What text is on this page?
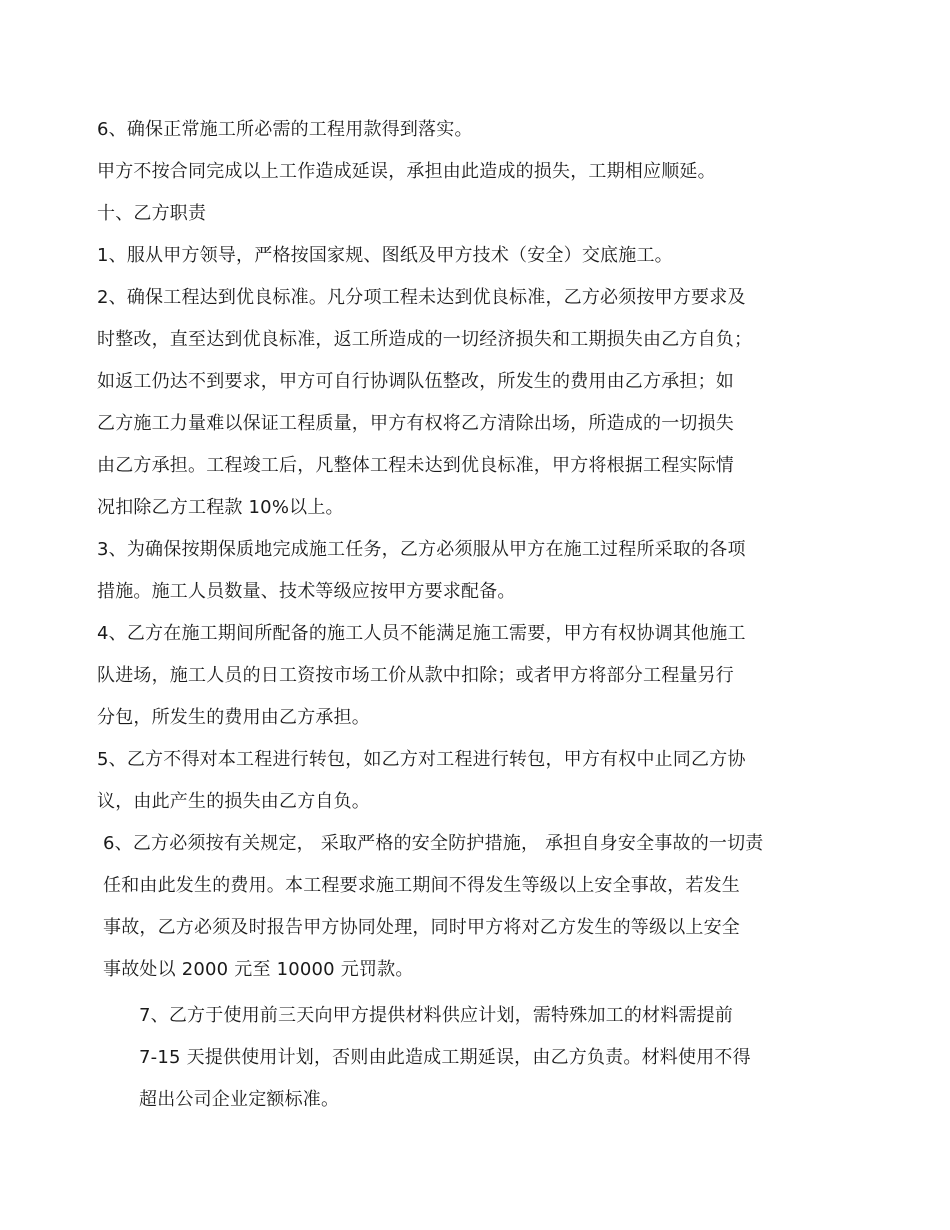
6、确保正常施工所必需的工程用款得到落实。
甲方不按合同完成以上工作造成延误，承担由此造成的损失，工期相应顺延。
十、乙方职责
1、服从甲方领导，严格按国家规、图纸及甲方技术（安全）交底施工。
2、确保工程达到优良标准。凡分项工程未达到优良标准，乙方必须按甲方要求及
时整改，直至达到优良标准，返工所造成的一切经济损失和工期损失由乙方自负；
如返工仍达不到要求，甲方可自行协调队伍整改，所发生的费用由乙方承担；如
乙方施工力量难以保证工程质量，甲方有权将乙方清除出场，所造成的一切损失
由乙方承担。工程竣工后，凡整体工程未达到优良标准，甲方将根据工程实际情
况扣除乙方工程款 10%以上。
3、为确保按期保质地完成施工任务，乙方必须服从甲方在施工过程所采取的各项
措施。施工人员数量、技术等级应按甲方要求配备。
4、乙方在施工期间所配备的施工人员不能满足施工需要，甲方有权协调其他施工
队进场，施工人员的日工资按市场工价从款中扣除；或者甲方将部分工程量另行
分包，所发生的费用由乙方承担。
5、乙方不得对本工程进行转包，如乙方对工程进行转包，甲方有权中止同乙方协
议，由此产生的损失由乙方自负。
6、乙方必须按有关规定， 采取严格的安全防护措施， 承担自身安全事故的一切责
任和由此发生的费用。本工程要求施工期间不得发生等级以上安全事故，若发生
事故，乙方必须及时报告甲方协同处理，同时甲方将对乙方发生的等级以上安全
事故处以 2000 元至 10000 元罚款。
7、乙方于使用前三天向甲方提供材料供应计划，需特殊加工的材料需提前
7-15 天提供使用计划，否则由此造成工期延误，由乙方负责。材料使用不得
超出公司企业定额标准。
